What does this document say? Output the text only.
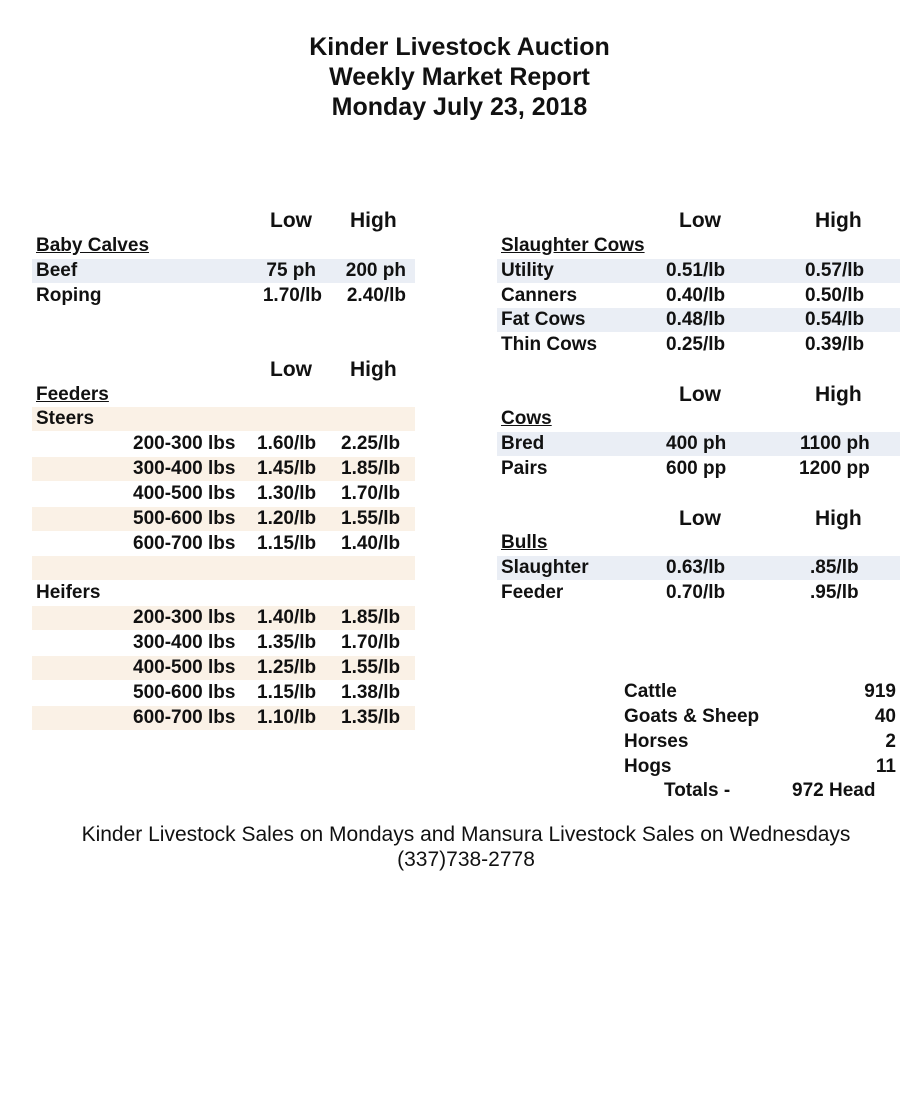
Kinder Livestock Auction
Weekly Market Report
Monday July 23, 2018
Low High
Baby Calves
Beef	75 ph	200 ph
Roping	1.70/lb	2.40/lb
Low High
Feeders
Steers
200-300 lbs 1.60/lb 2.25/lb
300-400 lbs 1.45/lb 1.85/lb
400-500 lbs 1.30/lb 1.70/lb
500-600 lbs 1.20/lb 1.55/lb
600-700 lbs 1.15/lb 1.40/lb
Heifers
200-300 lbs 1.40/lb 1.85/lb
300-400 lbs 1.35/lb 1.70/lb
400-500 lbs 1.25/lb 1.55/lb
500-600 lbs 1.15/lb 1.38/lb
600-700 lbs 1.10/lb 1.35/lb
Low	High
Slaughter Cows
Utility	0.51/lb	0.57/lb
Canners	0.40/lb	0.50/lb
Fat Cows	0.48/lb	0.54/lb
Thin Cows	0.25/lb	0.39/lb
Low	High
Cows
Bred	400 ph	1100 ph
Pairs	600 pp	1200 pp
Low	High
Bulls
Slaughter	0.63/lb	.85/lb
Feeder	0.70/lb	.95/lb
Cattle	919
Goats & Sheep	40
Horses	2
Hogs	11
Totals -	972 Head
Kinder Livestock Sales on Mondays and Mansura Livestock Sales on Wednesdays
(337)738-2778
